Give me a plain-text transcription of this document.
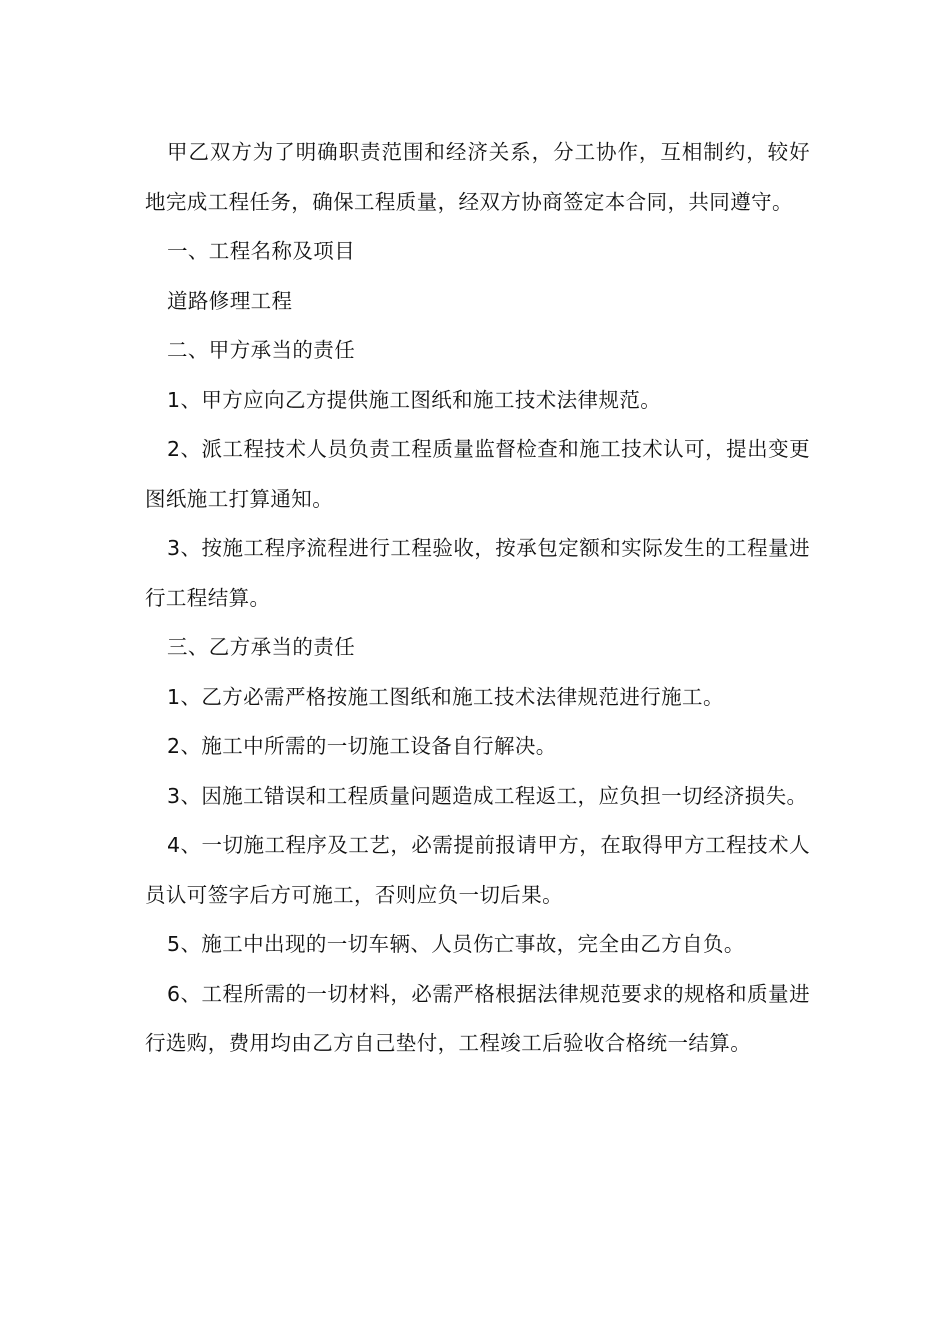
甲乙双方为了明确职责范围和经济关系，分工协作，互相制约，较好地完成工程任务，确保工程质量，经双方协商签定本合同，共同遵守。

一、工程名称及项目

道路修理工程

二、甲方承当的责任

1、甲方应向乙方提供施工图纸和施工技术法律规范。

2、派工程技术人员负责工程质量监督检查和施工技术认可，提出变更图纸施工打算通知。

3、按施工程序流程进行工程验收，按承包定额和实际发生的工程量进行工程结算。

三、乙方承当的责任

1、乙方必需严格按施工图纸和施工技术法律规范进行施工。

2、施工中所需的一切施工设备自行解决。

3、因施工错误和工程质量问题造成工程返工，应负担一切经济损失。

4、一切施工程序及工艺，必需提前报请甲方，在取得甲方工程技术人员认可签字后方可施工，否则应负一切后果。

5、施工中出现的一切车辆、人员伤亡事故，完全由乙方自负。

6、工程所需的一切材料，必需严格根据法律规范要求的规格和质量进行选购，费用均由乙方自己垫付，工程竣工后验收合格统一结算。
